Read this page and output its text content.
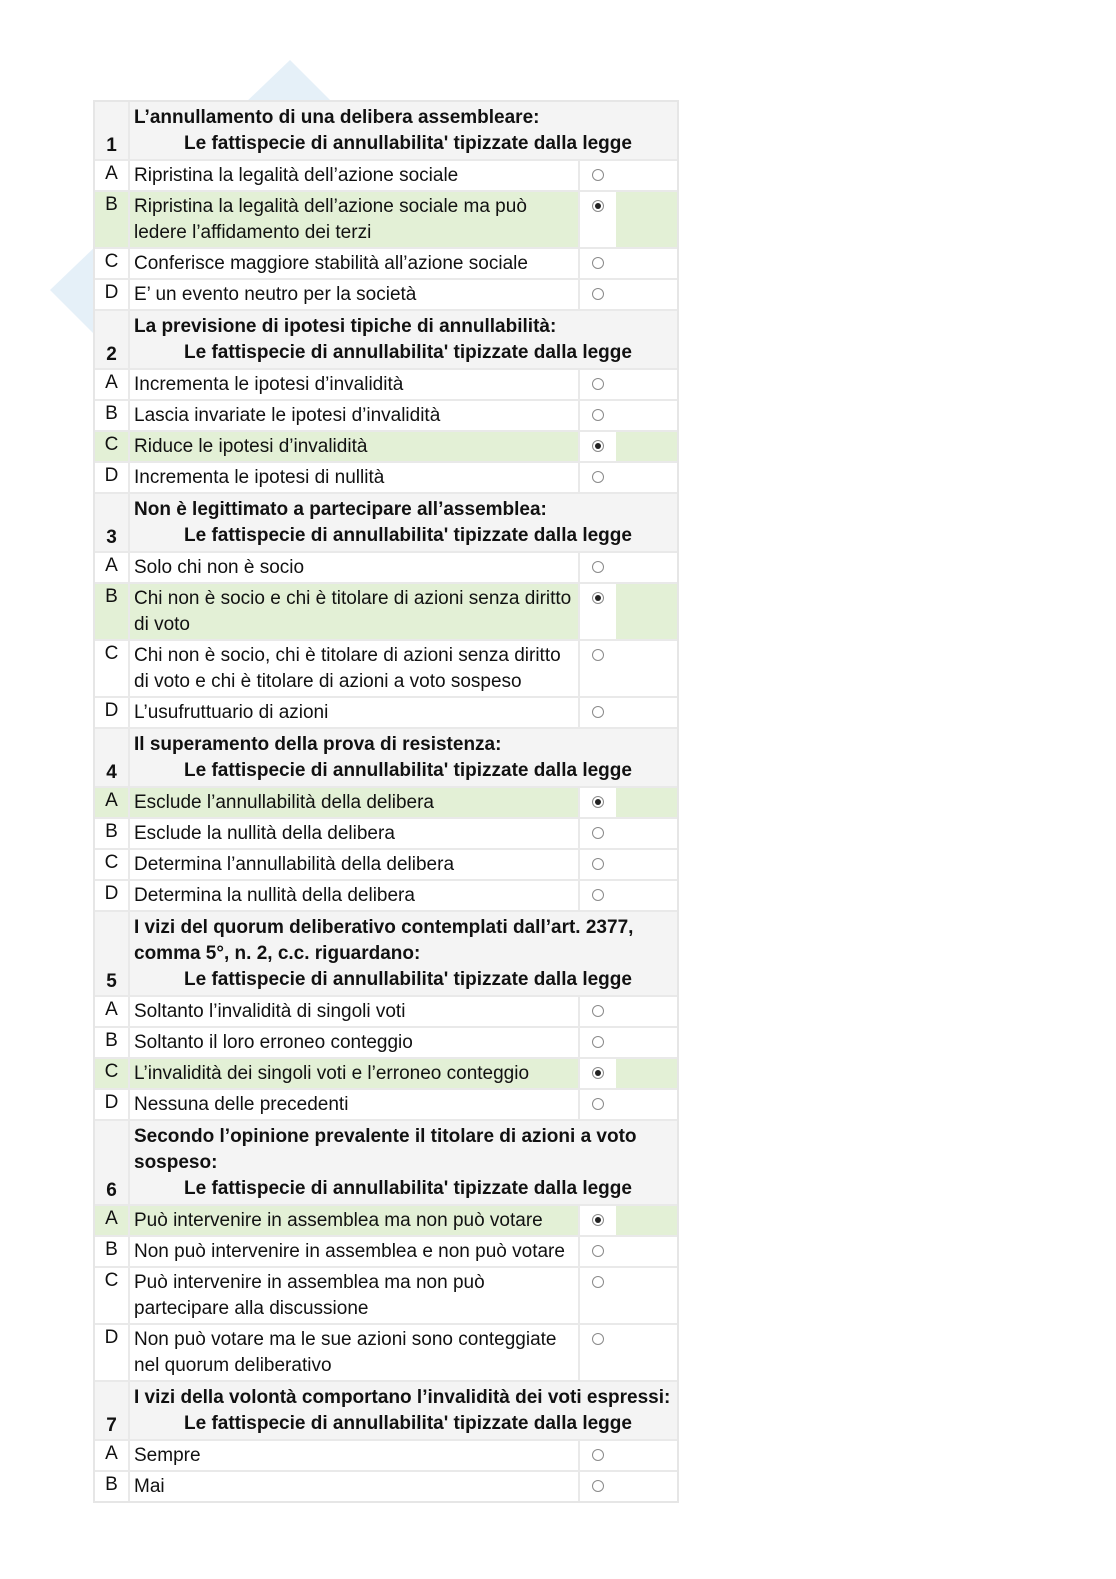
1
L’annullamento di una delibera assembleare:
Le fattispecie di annullabilita' tipizzate dalla legge
A Ripristina la legalità dell’azione sociale
B Ripristina la legalità dell’azione sociale ma può ledere l’affidamento dei terzi
C Conferisce maggiore stabilità all’azione sociale
D E’ un evento neutro per la società
2
La previsione di ipotesi tipiche di annullabilità:
Le fattispecie di annullabilita' tipizzate dalla legge
A Incrementa le ipotesi d’invalidità
B Lascia invariate le ipotesi d’invalidità
C Riduce le ipotesi d’invalidità
D Incrementa le ipotesi di nullità
3
Non è legittimato a partecipare all’assemblea:
Le fattispecie di annullabilita' tipizzate dalla legge
A Solo chi non è socio
B Chi non è socio e chi è titolare di azioni senza diritto di voto
C Chi non è socio, chi è titolare di azioni senza diritto di voto e chi è titolare di azioni a voto sospeso
D L’usufruttuario di azioni
4
Il superamento della prova di resistenza:
Le fattispecie di annullabilita' tipizzate dalla legge
A Esclude l’annullabilità della delibera
B Esclude la nullità della delibera
C Determina l’annullabilità della delibera
D Determina la nullità della delibera
5
I vizi del quorum deliberativo contemplati dall’art. 2377, comma 5°, n. 2, c.c. riguardano:
Le fattispecie di annullabilita' tipizzate dalla legge
A Soltanto l’invalidità di singoli voti
B Soltanto il loro erroneo conteggio
C L’invalidità dei singoli voti e l’erroneo conteggio
D Nessuna delle precedenti
6
Secondo l’opinione prevalente il titolare di azioni a voto sospeso:
Le fattispecie di annullabilita' tipizzate dalla legge
A Può intervenire in assemblea ma non può votare
B Non può intervenire in assemblea e non può votare
C Può intervenire in assemblea ma non può partecipare alla discussione
D Non può votare ma le sue azioni sono conteggiate nel quorum deliberativo
7
I vizi della volontà comportano l’invalidità dei voti espressi:
Le fattispecie di annullabilita' tipizzate dalla legge
A Sempre
B Mai
